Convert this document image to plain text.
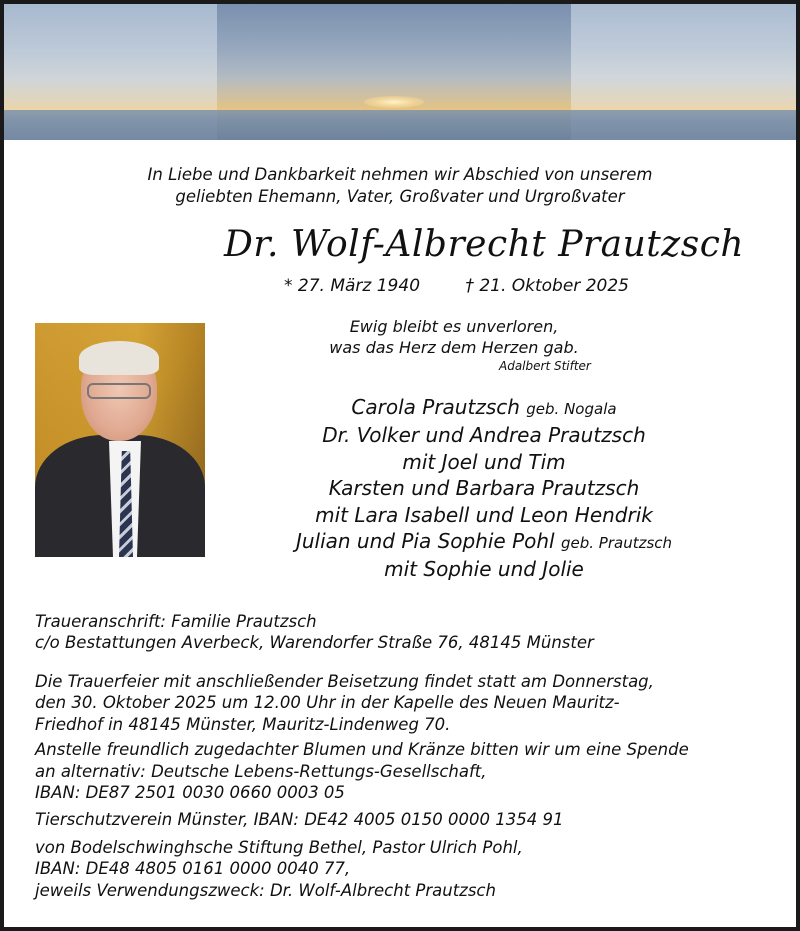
In Liebe und Dankbarkeit nehmen wir Abschied von unserem
geliebten Ehemann, Vater, Großvater und Urgroßvater
Dr. Wolf-Albrecht Prautzsch
* 27. März 1940	† 21. Oktober 2025
Ewig bleibt es unverloren,
was das Herz dem Herzen gab.
Adalbert Stifter
Carola Prautzsch geb. Nogala
Dr. Volker und Andrea Prautzsch
mit Joel und Tim
Karsten und Barbara Prautzsch
mit Lara Isabell und Leon Hendrik
Julian und Pia Sophie Pohl geb. Prautzsch
mit Sophie und Jolie
Traueranschrift: Familie Prautzsch
c/o Bestattungen Averbeck, Warendorfer Straße 76, 48145 Münster
Die Trauerfeier mit anschließender Beisetzung findet statt am Donnerstag,
den 30. Oktober 2025 um 12.00 Uhr in der Kapelle des Neuen Mauritz-
Friedhof in 48145 Münster, Mauritz-Lindenweg 70.
Anstelle freundlich zugedachter Blumen und Kränze bitten wir um eine Spende
an alternativ: Deutsche Lebens-Rettungs-Gesellschaft,
IBAN: DE87 2501 0030 0660 0003 05
Tierschutzverein Münster, IBAN: DE42 4005 0150 0000 1354 91
von Bodelschwinghsche Stiftung Bethel, Pastor Ulrich Pohl,
IBAN: DE48 4805 0161 0000 0040 77,
jeweils Verwendungszweck: Dr. Wolf-Albrecht Prautzsch
